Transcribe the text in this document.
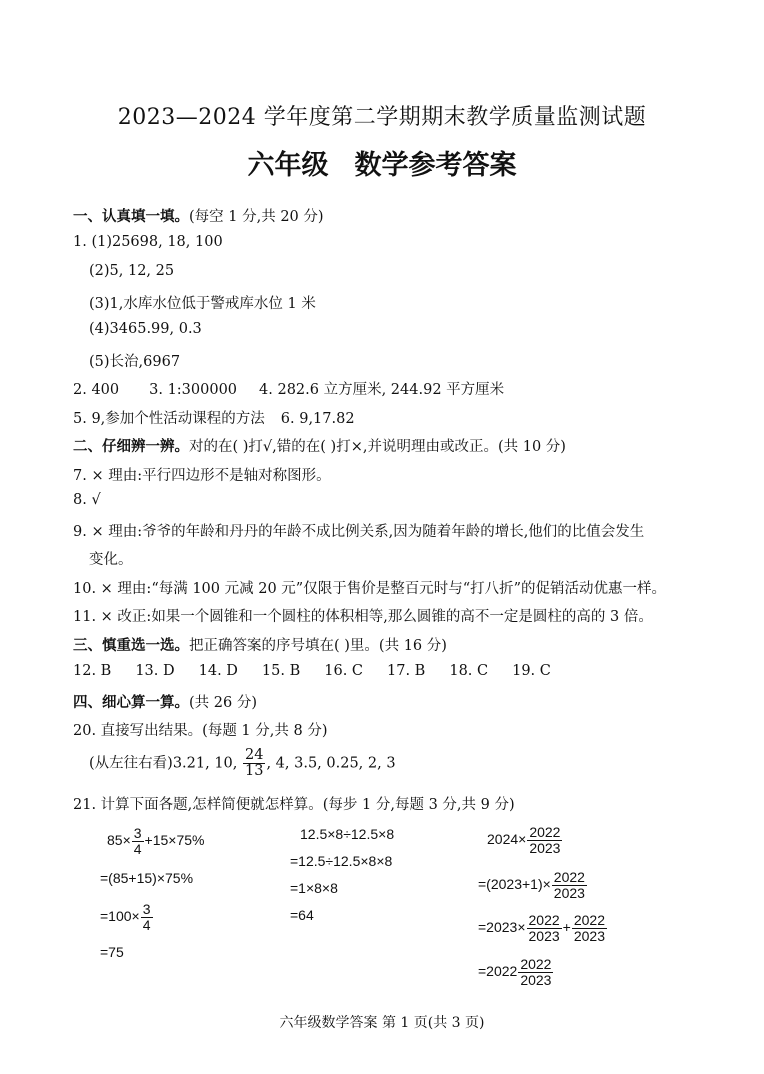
2023—2024 学年度第二学期期末教学质量监测试题
六年级 数学参考答案
一、认真填一填。(每空 1 分,共 20 分)
1. (1)25698, 18, 100
(2)5, 12, 25
(3)1,水库水位低于警戒库水位 1 米
(4)3465.99, 0.3
(5)长治,6967
2. 400 3. 1:300000 4. 282.6 立方厘米, 244.92 平方厘米
5. 9,参加个性活动课程的方法 6. 9,17.82
二、仔细辨一辨。对的在( )打√,错的在( )打×,并说明理由或改正。(共 10 分)
7. × 理由:平行四边形不是轴对称图形。
8. √
9. × 理由:爷爷的年龄和丹丹的年龄不成比例关系,因为随着年龄的增长,他们的比值会发生
变化。
10. × 理由:“每满 100 元减 20 元”仅限于售价是整百元时与“打八折”的促销活动优惠一样。
11. × 改正:如果一个圆锥和一个圆柱的体积相等,那么圆锥的高不一定是圆柱的高的 3 倍。
三、慎重选一选。把正确答案的序号填在( )里。(共 16 分)
12. B 13. D 14. D 15. B 16. C 17. B 18. C 19. C
四、细心算一算。(共 26 分)
20. 直接写出结果。(每题 1 分,共 8 分)
(从左往右看)3.21, 10, $\frac{24}{13}$ , 4, 3.5, 0.25, 2, 3
21. 计算下面各题,怎样简便就怎样算。(每步 1 分,每题 3 分,共 9 分)
$85\times \frac{3}{4} +15\times 75\%$
=(85+15)×75%
$=100\times \frac{3}{4}$
=75
12.5×8÷12.5×8
=12.5÷12.5×8×8
=1×8×8
=64
$2024\times \frac{2022}{2023}$
$=(2023+1)\times \frac{2022}{2023}$
$=2023\times \frac{2022}{2023} + \frac{2022}{2023}$
$=2022 \frac{2022}{2023}$
六年级数学答案 第 1 页(共 3 页)
